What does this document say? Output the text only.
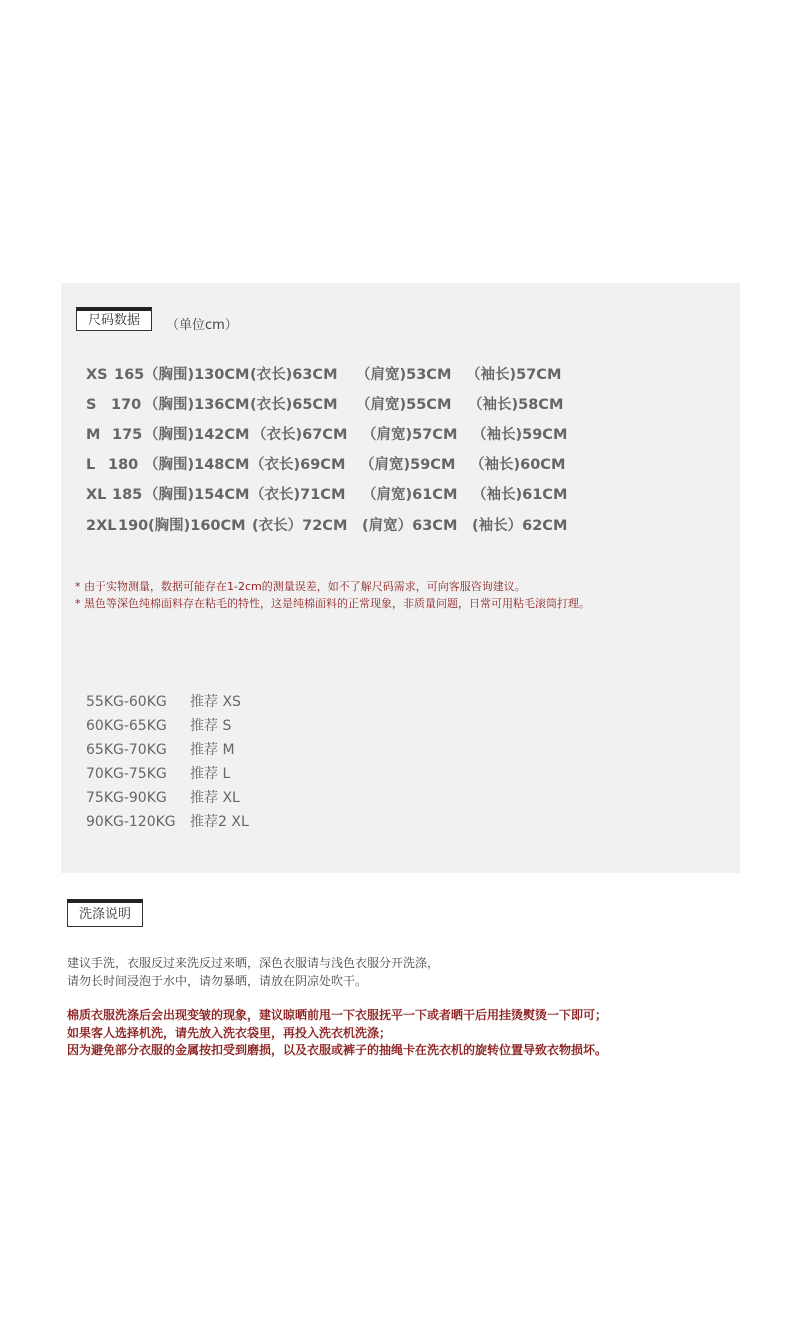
尺码数据	（单位cm）
XS 165 （胸围)130CM (衣长)63CM （肩宽)53CM （袖长)57CM
S 170 （胸围)136CM (衣长)65CM （肩宽)55CM （袖长)58CM
M 175 （胸围)142CM （衣长)67CM （肩宽)57CM （袖长)59CM
L 180 （胸围)148CM （衣长)69CM （肩宽)59CM （袖长)60CM
XL 185 （胸围)154CM （衣长)71CM （肩宽)61CM （袖长)61CM
2XL 190 (胸围)160CM (衣长）72CM (肩宽）63CM (袖长）62CM
* 由于实物测量，数据可能存在1-2cm的测量误差，如不了解尺码需求，可向客服咨询建议。
* 黑色等深色纯棉面料存在粘毛的特性，这是纯棉面料的正常现象，非质量问题，日常可用粘毛滚筒打理。
55KG-60KG 推荐 XS
60KG-65KG 推荐 S
65KG-70KG 推荐 M
70KG-75KG 推荐 L
75KG-90KG 推荐 XL
90KG-120KG 推荐2 XL
洗涤说明
建议手洗，衣服反过来洗反过来晒，深色衣服请与浅色衣服分开洗涤，
请勿长时间浸泡于水中，请勿暴晒，请放在阴凉处吹干。
棉质衣服洗涤后会出现变皱的现象，建议晾晒前甩一下衣服抚平一下或者晒干后用挂烫熨烫一下即可；
如果客人选择机洗，请先放入洗衣袋里，再投入洗衣机洗涤；
因为避免部分衣服的金属按扣受到磨损，以及衣服或裤子的抽绳卡在洗衣机的旋转位置导致衣物损坏。
